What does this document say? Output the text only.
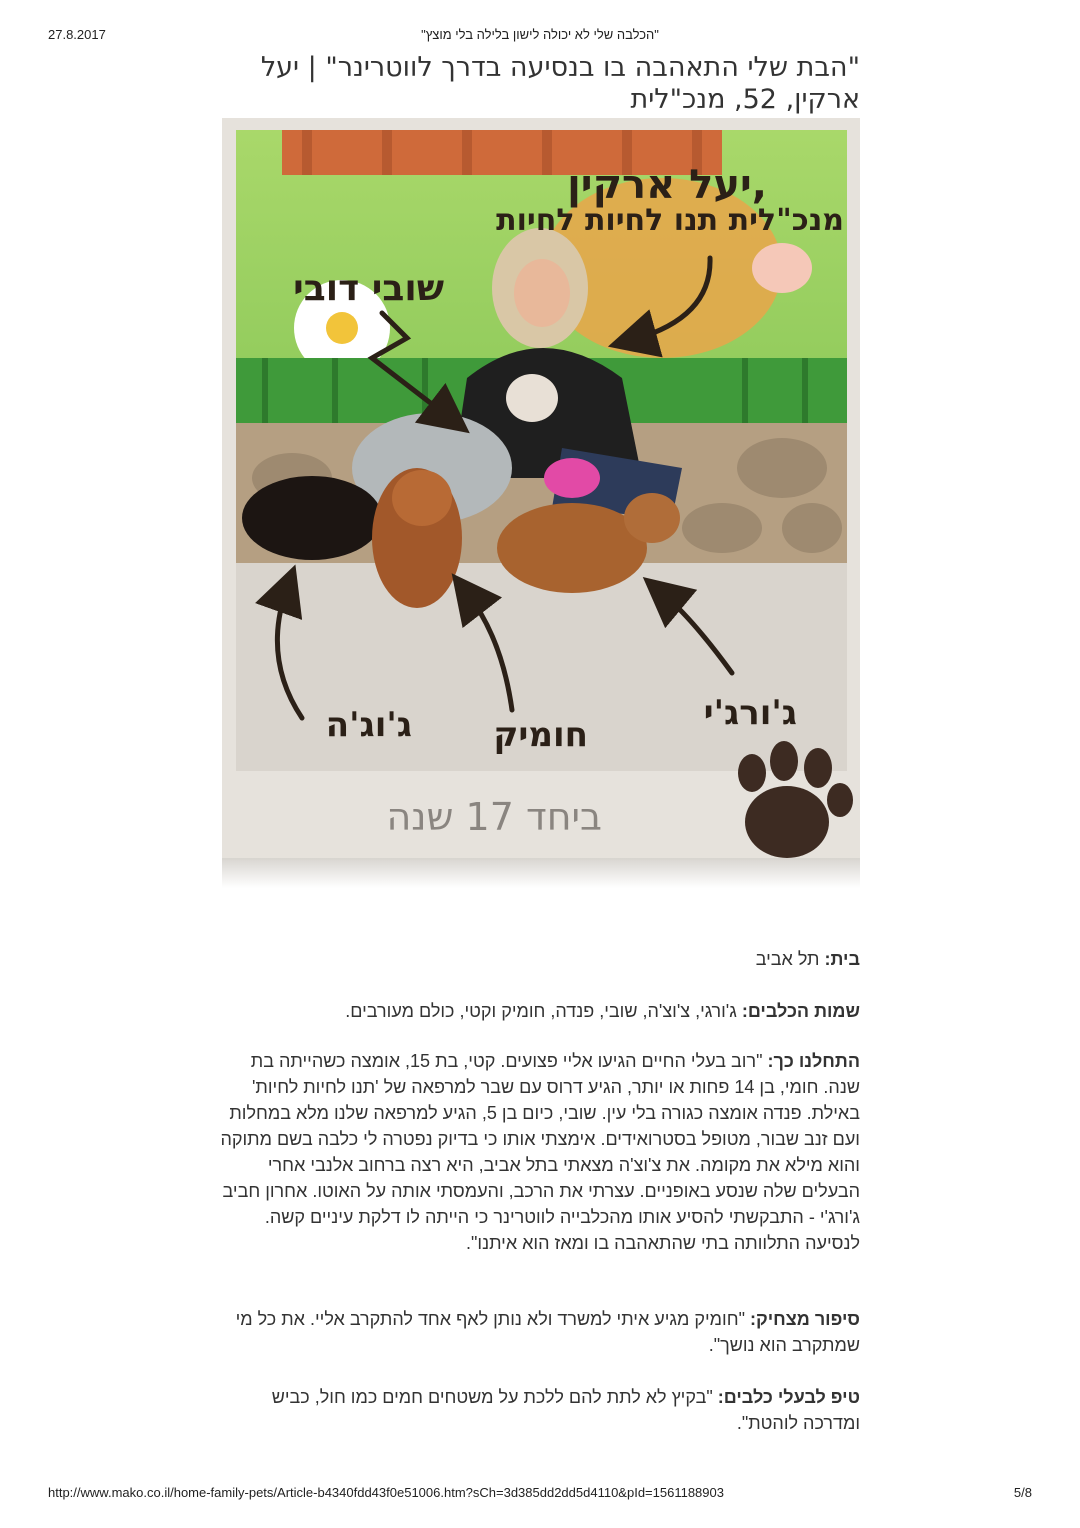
27.8.2017	"הכלבה שלי לא יכולה לישון בלילה בלי מוצץ"
"הבת שלי התאהבה בו בנסיעה בדרך לווטרינר" | יעל ארקין, 52, מנכ"לית
יעל ארקין,
מנכ"לית תנו לחיות לחיות
שובי דובי
ג'וג'ה חומיק
ג'ורג'י
ביחד 17 שנה
בית: תל אביב
שמות הכלבים: ג'ורגי, צ'וצ'ה, שובי, פנדה, חומיק וקטי, כולם מעורבים.
התחלנו כך: "רוב בעלי החיים הגיעו אליי פצועים. קטי, בת 15, אומצה כשהייתה בת שנה. חומי, בן 14 פחות או יותר, הגיע דרוס עם שבר למרפאה של 'תנו לחיות לחיות' באילת. פנדה אומצה כגורה בלי עין. שובי, כיום בן 5, הגיע למרפאה שלנו מלא במחלות ועם זנב שבור, מטופל בסטרואידים. אימצתי אותו כי בדיוק נפטרה לי כלבה בשם מתוקה והוא מילא את מקומה. את צ'וצ'ה מצאתי בתל אביב, היא רצה ברחוב אלנבי אחרי הבעלים שלה שנסע באופניים. עצרתי את הרכב, והעמסתי אותה על האוטו. אחרון חביב ג'ורג'י - התבקשתי להסיע אותו מהכלבייה לווטרינר כי הייתה לו דלקת עיניים קשה. לנסיעה התלוותה בתי שהתאהבה בו ומאז הוא איתנו".
סיפור מצחיק: "חומיק מגיע איתי למשרד ולא נותן לאף אחד להתקרב אליי. את כל מי שמתקרב הוא נושך".
טיפ לבעלי כלבים: "בקיץ לא לתת להם ללכת על משטחים חמים כמו חול, כביש ומדרכה לוהטת".
http://www.mako.co.il/home-family-pets/Article-b4340fdd43f0e51006.htm?sCh=3d385dd2dd5d4110&pId=1561188903	5/8
